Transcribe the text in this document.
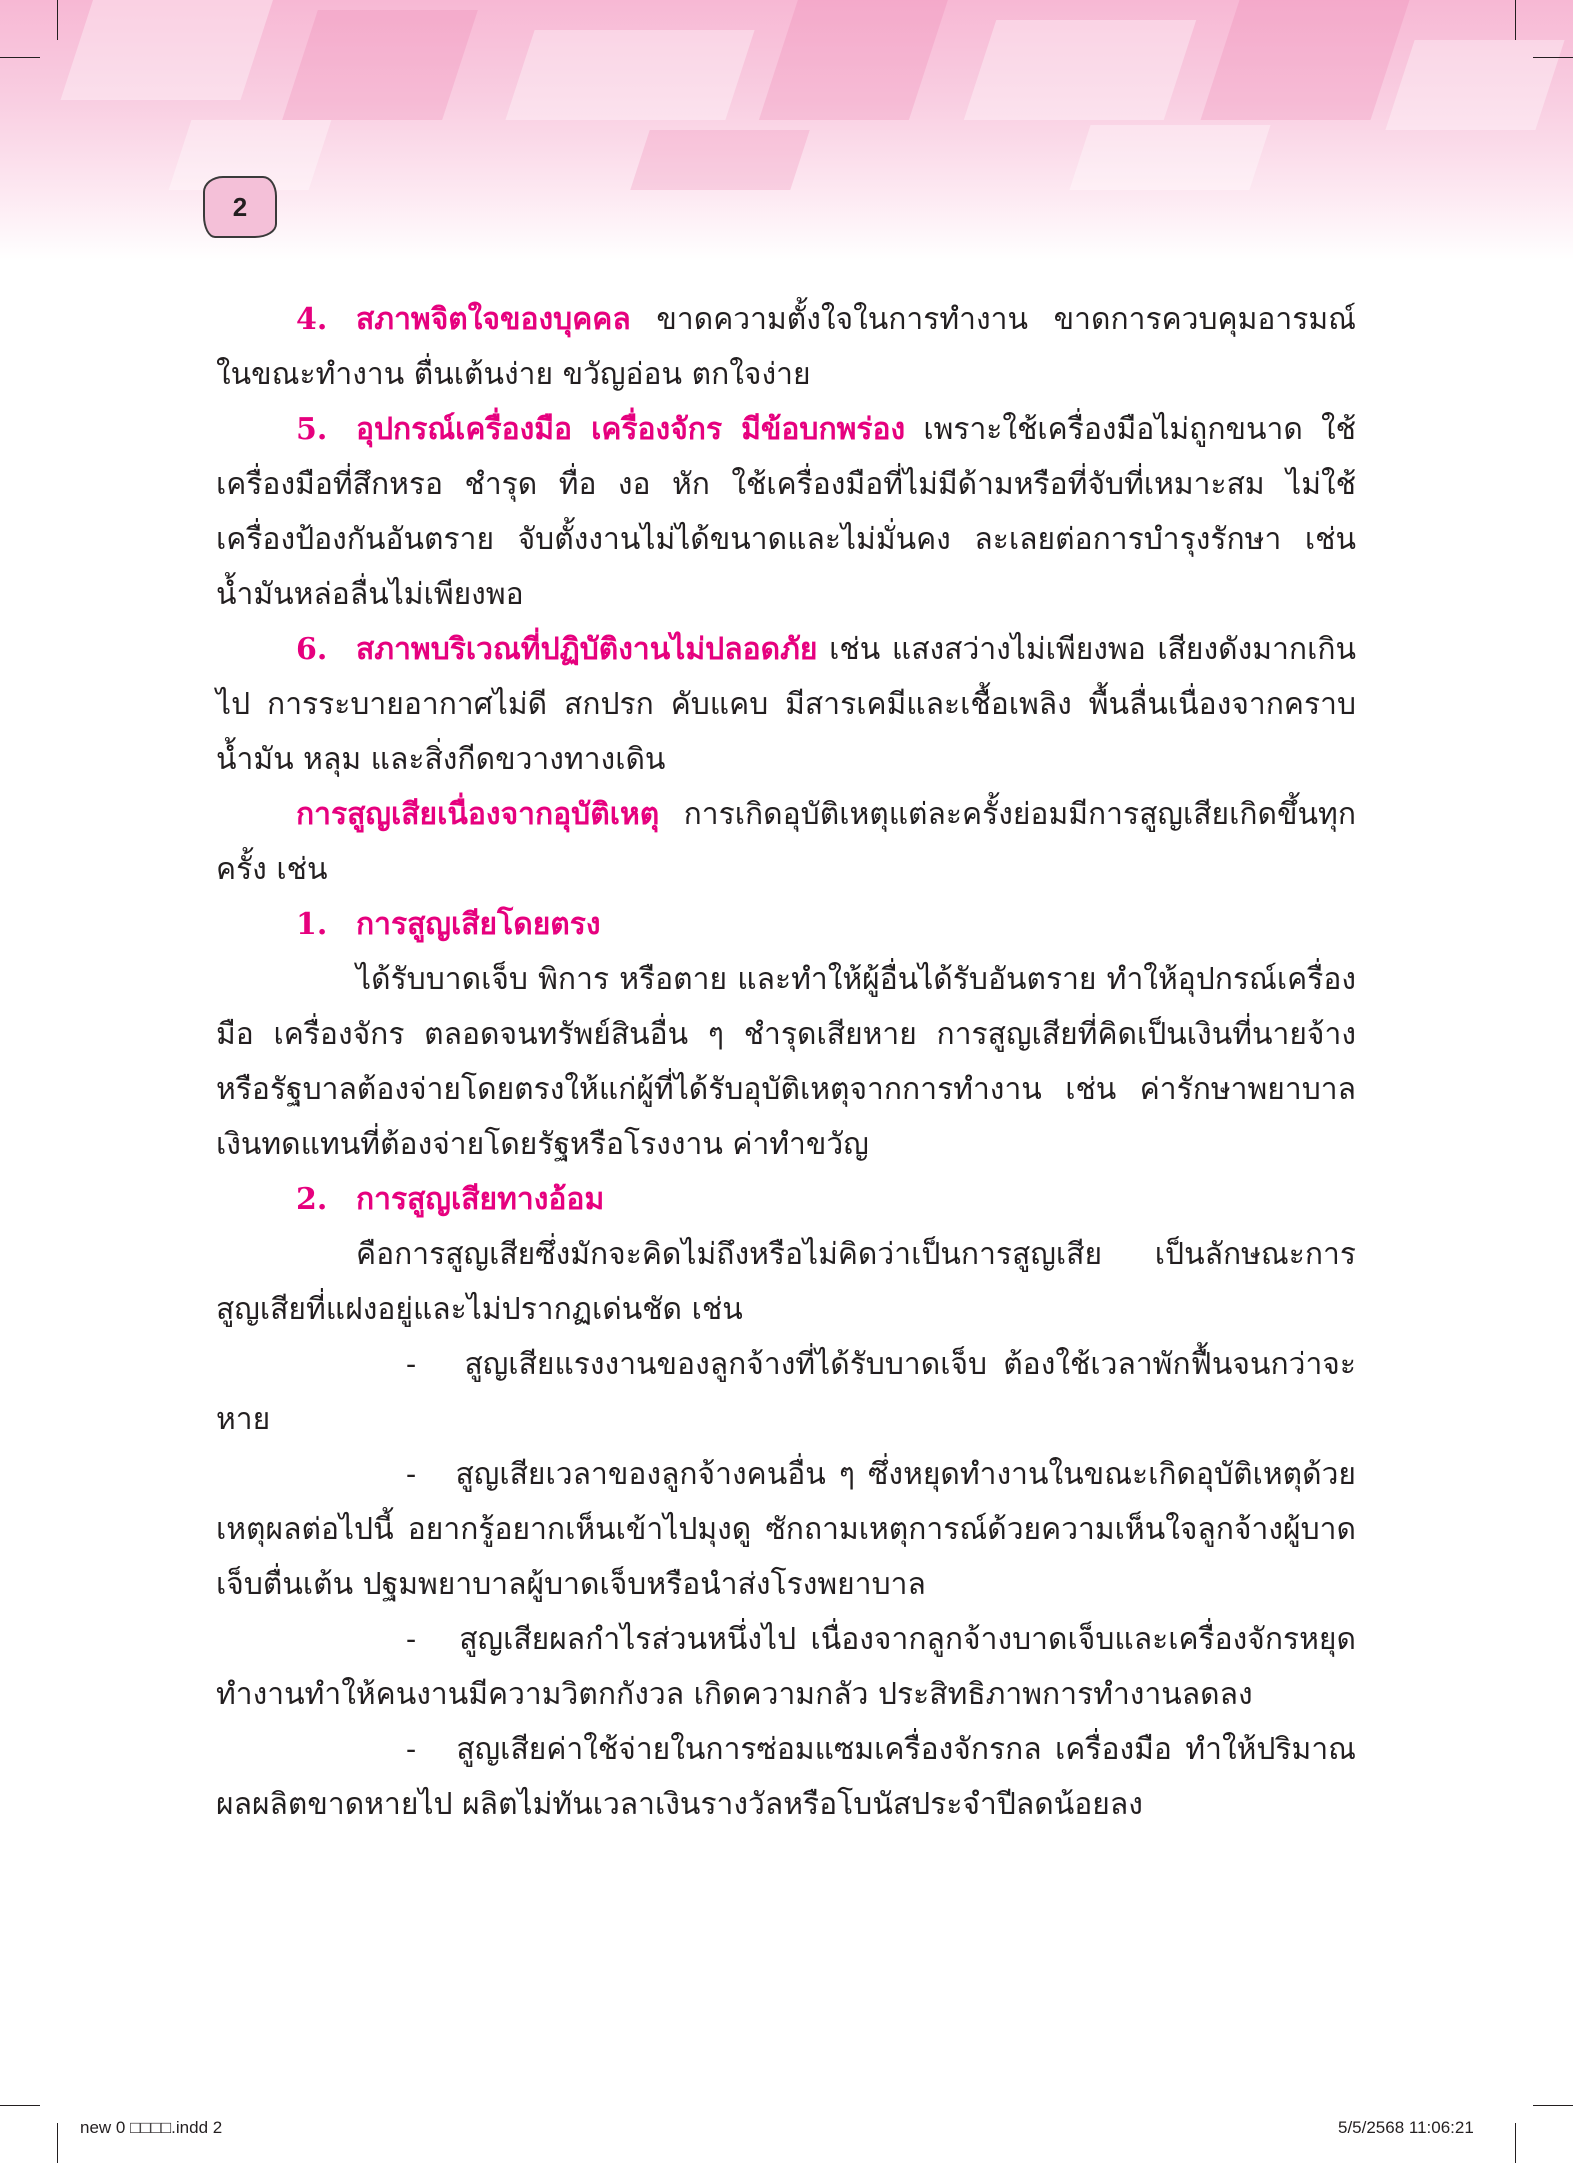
2

4. สภาพจิตใจของบุคคล ขาดความตั้งใจในการทำงาน ขาดการควบคุมอารมณ์ในขณะทำงาน ตื่นเต้นง่าย ขวัญอ่อน ตกใจง่าย

5. อุปกรณ์เครื่องมือ เครื่องจักร มีข้อบกพร่อง เพราะใช้เครื่องมือไม่ถูกขนาด ใช้เครื่องมือที่สึกหรอ ชำรุด ทื่อ งอ หัก ใช้เครื่องมือที่ไม่มีด้ามหรือที่จับที่เหมาะสม ไม่ใช้เครื่องป้องกันอันตราย จับตั้งงานไม่ได้ขนาดและไม่มั่นคง ละเลยต่อการบำรุงรักษา เช่น น้ำมันหล่อลื่นไม่เพียงพอ

6. สภาพบริเวณที่ปฏิบัติงานไม่ปลอดภัย เช่น แสงสว่างไม่เพียงพอ เสียงดังมากเกินไป การระบายอากาศไม่ดี สกปรก คับแคบ มีสารเคมีและเชื้อเพลิง พื้นลื่นเนื่องจากคราบน้ำมัน หลุม และสิ่งกีดขวางทางเดิน

การสูญเสียเนื่องจากอุบัติเหตุ การเกิดอุบัติเหตุแต่ละครั้งย่อมมีการสูญเสียเกิดขึ้นทุกครั้ง เช่น

1. การสูญเสียโดยตรง

ได้รับบาดเจ็บ พิการ หรือตาย และทำให้ผู้อื่นได้รับอันตราย ทำให้อุปกรณ์เครื่องมือ เครื่องจักร ตลอดจนทรัพย์สินอื่น ๆ ชำรุดเสียหาย การสูญเสียที่คิดเป็นเงินที่นายจ้างหรือรัฐบาลต้องจ่ายโดยตรงให้แก่ผู้ที่ได้รับอุบัติเหตุจากการทำงาน เช่น ค่ารักษาพยาบาล เงินทดแทนที่ต้องจ่ายโดยรัฐหรือโรงงาน ค่าทำขวัญ

2. การสูญเสียทางอ้อม

คือการสูญเสียซึ่งมักจะคิดไม่ถึงหรือไม่คิดว่าเป็นการสูญเสีย เป็นลักษณะการสูญเสียที่แฝงอยู่และไม่ปรากฏเด่นชัด เช่น

-   สูญเสียแรงงานของลูกจ้างที่ได้รับบาดเจ็บ ต้องใช้เวลาพักฟื้นจนกว่าจะหาย

-   สูญเสียเวลาของลูกจ้างคนอื่น ๆ ซึ่งหยุดทำงานในขณะเกิดอุบัติเหตุด้วยเหตุผลต่อไปนี้ อยากรู้อยากเห็นเข้าไปมุงดู ซักถามเหตุการณ์ด้วยความเห็นใจลูกจ้างผู้บาดเจ็บตื่นเต้น ปฐมพยาบาลผู้บาดเจ็บหรือนำส่งโรงพยาบาล

-   สูญเสียผลกำไรส่วนหนึ่งไป เนื่องจากลูกจ้างบาดเจ็บและเครื่องจักรหยุดทำงานทำให้คนงานมีความวิตกกังวล เกิดความกลัว ประสิทธิภาพการทำงานลดลง

-   สูญเสียค่าใช้จ่ายในการซ่อมแซมเครื่องจักรกล เครื่องมือ ทำให้ปริมาณผลผลิตขาดหายไป ผลิตไม่ทันเวลาเงินรางวัลหรือโบนัสประจำปีลดน้อยลง

new 0 □□□□.indd 2	5/5/2568 11:06:21
